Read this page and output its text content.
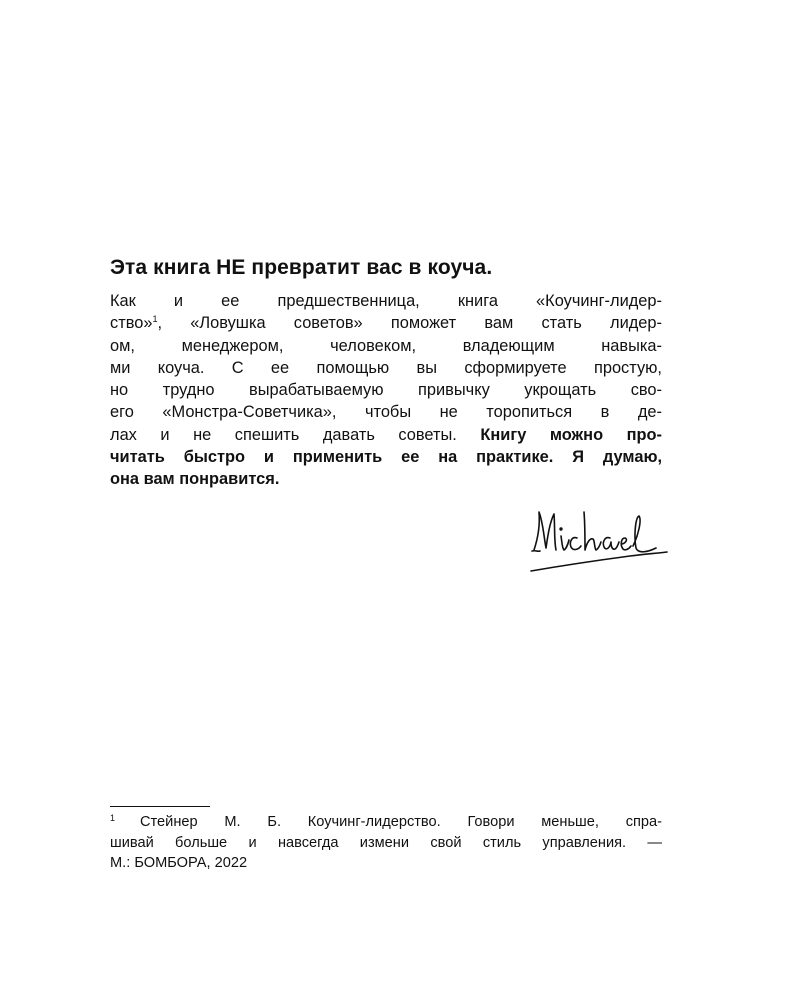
Эта книга НЕ превратит вас в коуча.
Как и ее предшественница, книга «Коучинг-лидер-
ство»$^1$, «Ловушка советов» поможет вам стать лидер-
ом, менеджером, человеком, владеющим навыка-
ми коуча. С ее помощью вы сформируете простую,
но трудно вырабатываемую привычку укрощать сво-
его «Монстра-Советчика», чтобы не торопиться в де-
лах и не спешить давать советы. Книгу можно про-
читать быстро и применить ее на практике. Я думаю,
она вам понравится.
1 Стейнер М. Б. Коучинг-лидерство. Говори меньше, спра-
шивай больше и навсегда измени свой стиль управления. —
М.: БОМБОРА, 2022
